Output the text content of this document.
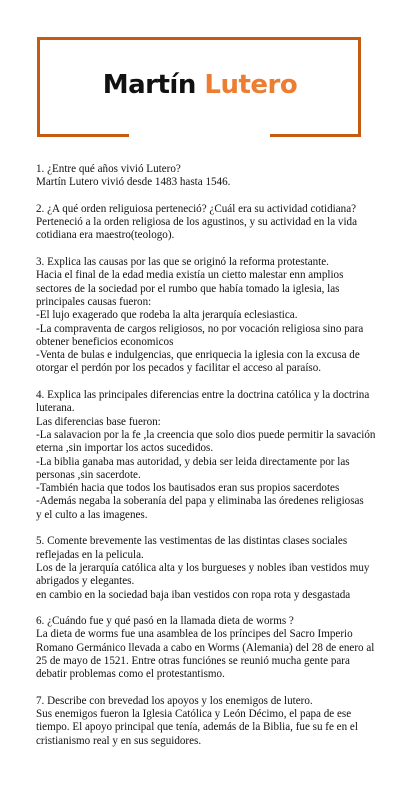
Martín Lutero
1. ¿Entre qué años vivió Lutero?
Martín Lutero vivió desde 1483 hasta 1546.
2. ¿A qué orden religuiosa perteneció? ¿Cuál era su actividad cotidiana?
Perteneció a la orden religiosa de los agustinos, y su actividad en la vida
cotidiana era maestro(teologo).
3. Explica las causas por las que se originó la reforma protestante.
Hacia el final de la edad media existía un cietto malestar enn amplios
sectores de la sociedad por el rumbo que había tomado la iglesia, las
principales causas fueron:
-El lujo exagerado que rodeba la alta jerarquía eclesiastica.
-La compraventa de cargos religiosos, no por vocación religiosa sino para
obtener beneficios economicos
-Venta de bulas e indulgencias, que enriquecia la iglesia con la excusa de
otorgar el perdón por los pecados y facilitar el acceso al paraíso.
4. Explica las principales diferencias entre la doctrina católica y la doctrina
luterana.
Las diferencias base fueron:
-La salavacion por la fe ,la creencia que solo dios puede permitir la savación
eterna ,sin importar los actos sucedidos.
-La biblia ganaba mas autoridad, y debia ser leida directamente por las
personas ,sin sacerdote.
-También hacia que todos los bautisados eran sus propios sacerdotes
-Además negaba la soberanía del papa y eliminaba las óredenes religiosas
y el culto a las imagenes.
5. Comente brevemente las vestimentas de las distintas clases sociales
reflejadas en la pelicula.
Los de la jerarquía católica alta y los burgueses y nobles iban vestidos muy
abrigados y elegantes.
en cambio en la sociedad baja iban vestidos con ropa rota y desgastada
6. ¿Cuándo fue y qué pasó en la llamada dieta de worms ?
La dieta de worms fue una asamblea de los príncipes del Sacro Imperio
Romano Germánico llevada a cabo en Worms (Alemania) del 28 de enero al
25 de mayo de 1521. Entre otras funciónes se reunió mucha gente para
debatir problemas como el protestantismo.
7. Describe con brevedad los apoyos y los enemigos de lutero.
Sus enemigos fueron la Iglesia Católica y León Décimo, el papa de ese
tiempo. El apoyo principal que tenía, además de la Biblia, fue su fe en el
cristianismo real y en sus seguidores.
